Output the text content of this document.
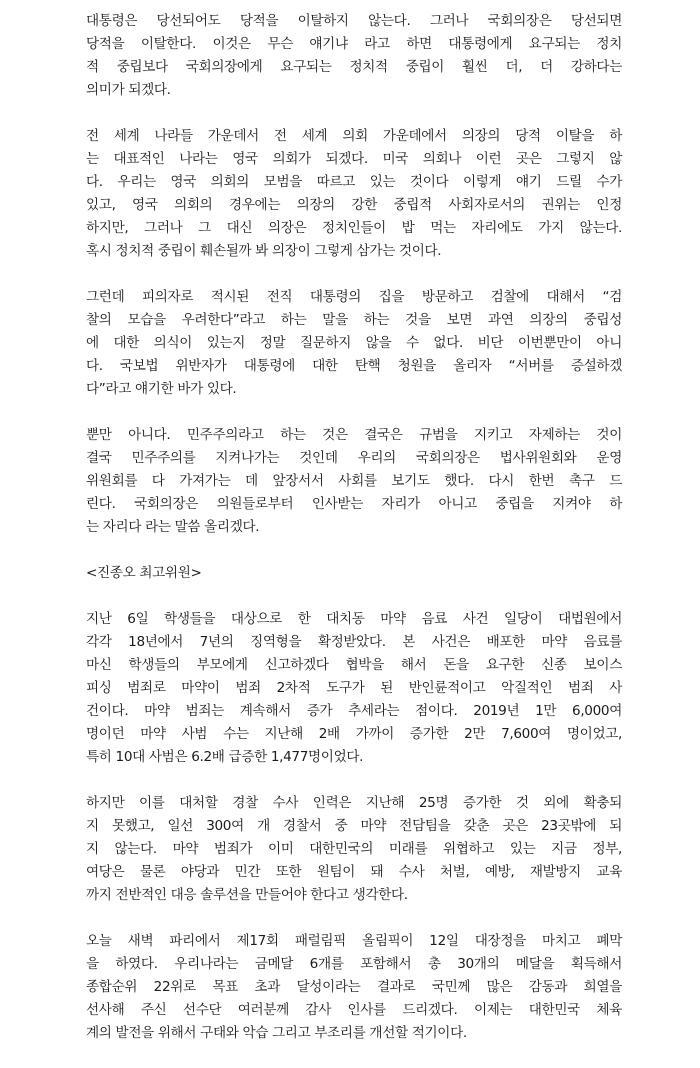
대통령은 당선되어도 당적을 이탈하지 않는다. 그러나 국회의장은 당선되면
당적을 이탈한다. 이것은 무슨 얘기냐 라고 하면 대통령에게 요구되는 정치
적 중립보다 국회의장에게 요구되는 정치적 중립이 훨씬 더, 더 강하다는
의미가 되겠다.
전 세계 나라들 가운데서 전 세계 의회 가운데에서 의장의 당적 이탈을 하
는 대표적인 나라는 영국 의회가 되겠다. 미국 의회나 이런 곳은 그렇지 않
다. 우리는 영국 의회의 모범을 따르고 있는 것이다 이렇게 얘기 드릴 수가
있고, 영국 의회의 경우에는 의장의 강한 중립적 사회자로서의 권위는 인정
하지만, 그러나 그 대신 의장은 정치인들이 밥 먹는 자리에도 가지 않는다.
혹시 정치적 중립이 훼손될까 봐 의장이 그렇게 삼가는 것이다.
그런데 피의자로 적시된 전직 대통령의 집을 방문하고 검찰에 대해서 “검
찰의 모습을 우려한다”라고 하는 말을 하는 것을 보면 과연 의장의 중립성
에 대한 의식이 있는지 정말 질문하지 않을 수 없다. 비단 이번뿐만이 아니
다. 국보법 위반자가 대통령에 대한 탄핵 청원을 올리자 “서버를 증설하겠
다”라고 얘기한 바가 있다.
뿐만 아니다. 민주주의라고 하는 것은 결국은 규범을 지키고 자제하는 것이
결국 민주주의를 지켜나가는 것인데 우리의 국회의장은 법사위원회와 운영
위원회를 다 가져가는 데 앞장서서 사회를 보기도 했다. 다시 한번 촉구 드
린다. 국회의장은 의원들로부터 인사받는 자리가 아니고 중립을 지켜야 하
는 자리다 라는 말씀 올리겠다.
<진종오 최고위원>
지난 6일 학생들을 대상으로 한 대치동 마약 음료 사건 일당이 대법원에서
각각 18년에서 7년의 징역형을 확정받았다. 본 사건은 배포한 마약 음료를
마신 학생들의 부모에게 신고하겠다 협박을 해서 돈을 요구한 신종 보이스
피싱 범죄로 마약이 범죄 2차적 도구가 된 반인륜적이고 악질적인 범죄 사
건이다. 마약 범죄는 계속해서 증가 추세라는 점이다. 2019년 1만 6,000여
명이던 마약 사범 수는 지난해 2배 가까이 증가한 2만 7,600여 명이었고,
특히 10대 사범은 6.2배 급증한 1,477명이었다.
하지만 이를 대처할 경찰 수사 인력은 지난해 25명 증가한 것 외에 확충되
지 못했고, 일선 300여 개 경찰서 중 마약 전담팀을 갖춘 곳은 23곳밖에 되
지 않는다. 마약 범죄가 이미 대한민국의 미래를 위협하고 있는 지금 정부,
여당은 물론 야당과 민간 또한 원팀이 돼 수사 처벌, 예방, 재발방지 교육
까지 전반적인 대응 솔루션을 만들어야 한다고 생각한다.
오늘 새벽 파리에서 제17회 패럴림픽 올림픽이 12일 대장정을 마치고 폐막
을 하였다. 우리나라는 금메달 6개를 포함해서 총 30개의 메달을 획득해서
종합순위 22위로 목표 초과 달성이라는 결과로 국민께 많은 감동과 희열을
선사해 주신 선수단 여러분께 감사 인사를 드리겠다. 이제는 대한민국 체육
계의 발전을 위해서 구태와 악습 그리고 부조리를 개선할 적기이다.
